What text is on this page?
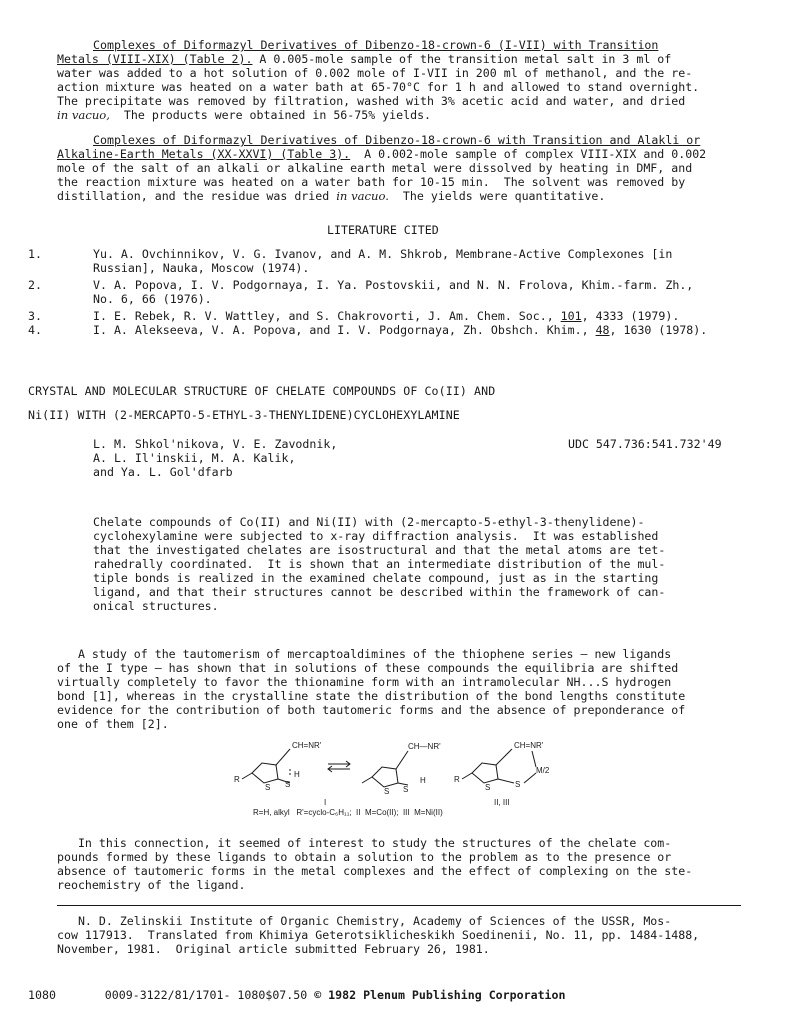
Complexes of Diformazyl Derivatives of Dibenzo-18-crown-6 (I-VII) with Transition
Metals (VIII-XIX) (Table 2). A 0.005-mole sample of the transition metal salt in 3 ml of
water was added to a hot solution of 0.002 mole of I-VII in 200 ml of methanol, and the re-
action mixture was heated on a water bath at 65-70°C for 1 h and allowed to stand overnight.
The precipitate was removed by filtration, washed with 3% acetic acid and water, and dried
in vacuo,  The products were obtained in 56-75% yields.
Complexes of Diformazyl Derivatives of Dibenzo-18-crown-6 with Transition and Alakli or
Alkaline-Earth Metals (XX-XXVI) (Table 3).  A 0.002-mole sample of complex VIII-XIX and 0.002
mole of the salt of an alkali or alkaline earth metal were dissolved by heating in DMF, and
the reaction mixture was heated on a water bath for 10-15 min.  The solvent was removed by
distillation, and the residue was dried in vacuo.  The yields were quantitative.
LITERATURE CITED
1.	Yu. A. Ovchinnikov, V. G. Ivanov, and A. M. Shkrob, Membrane-Active Complexones [in
Russian], Nauka, Moscow (1974).
2.	V. A. Popova, I. V. Podgornaya, I. Ya. Postovskii, and N. N. Frolova, Khim.-farm. Zh.,
No. 6, 66 (1976).
3.	I. E. Rebek, R. V. Wattley, and S. Chakrovorti, J. Am. Chem. Soc., 101, 4333 (1979).
4.	I. A. Alekseeva, V. A. Popova, and I. V. Podgornaya, Zh. Obshch. Khim., 48, 1630 (1978).
CRYSTAL AND MOLECULAR STRUCTURE OF CHELATE COMPOUNDS OF Co(II) AND
Ni(II) WITH (2-MERCAPTO-5-ETHYL-3-THENYLIDENE)CYCLOHEXYLAMINE
L. M. Shkol'nikova, V. E. Zavodnik,
A. L. Il'inskii, M. A. Kalik,
and Ya. L. Gol'dfarb
UDC 547.736:541.732'49
Chelate compounds of Co(II) and Ni(II) with (2-mercapto-5-ethyl-3-thenylidene)-
cyclohexylamine were subjected to x-ray diffraction analysis.  It was established
that the investigated chelates are isostructural and that the metal atoms are tet-
rahedrally coordinated.  It is shown that an intermediate distribution of the mul-
tiple bonds is realized in the examined chelate compound, just as in the starting
ligand, and that their structures cannot be described within the framework of can-
onical structures.
A study of the tautomerism of mercaptoaldimines of the thiophene series — new ligands
of the I type — has shown that in solutions of these compounds the equilibria are shifted
virtually completely to favor the thionamine form with an intramolecular NH...S hydrogen
bond [1], whereas in the crystalline state the distribution of the bond lengths constitute
evidence for the contribution of both tautomeric forms and the absence of preponderance of
one of them [2].
CH=NR'
H
R
S S
CH—NR'
H
S S
CH=NR'
M/2
R
S	S
I	II, III
R=H, alkyl   R'=cyclo-C₆H₁₁;  II  M=Co(II);  III  M=Ni(II)
In this connection, it seemed of interest to study the structures of the chelate com-
pounds formed by these ligands to obtain a solution to the problem as to the presence or
absence of tautomeric forms in the metal complexes and the effect of complexing on the ste-
reochemistry of the ligand.
N. D. Zelinskii Institute of Organic Chemistry, Academy of Sciences of the USSR, Mos-
cow 117913.  Translated from Khimiya Geterotsiklicheskikh Soedinenii, No. 11, pp. 1484-1488,
November, 1981.  Original article submitted February 26, 1981.
1080	0009-3122/81/1701- 1080$07.50 © 1982 Plenum Publishing Corporation
